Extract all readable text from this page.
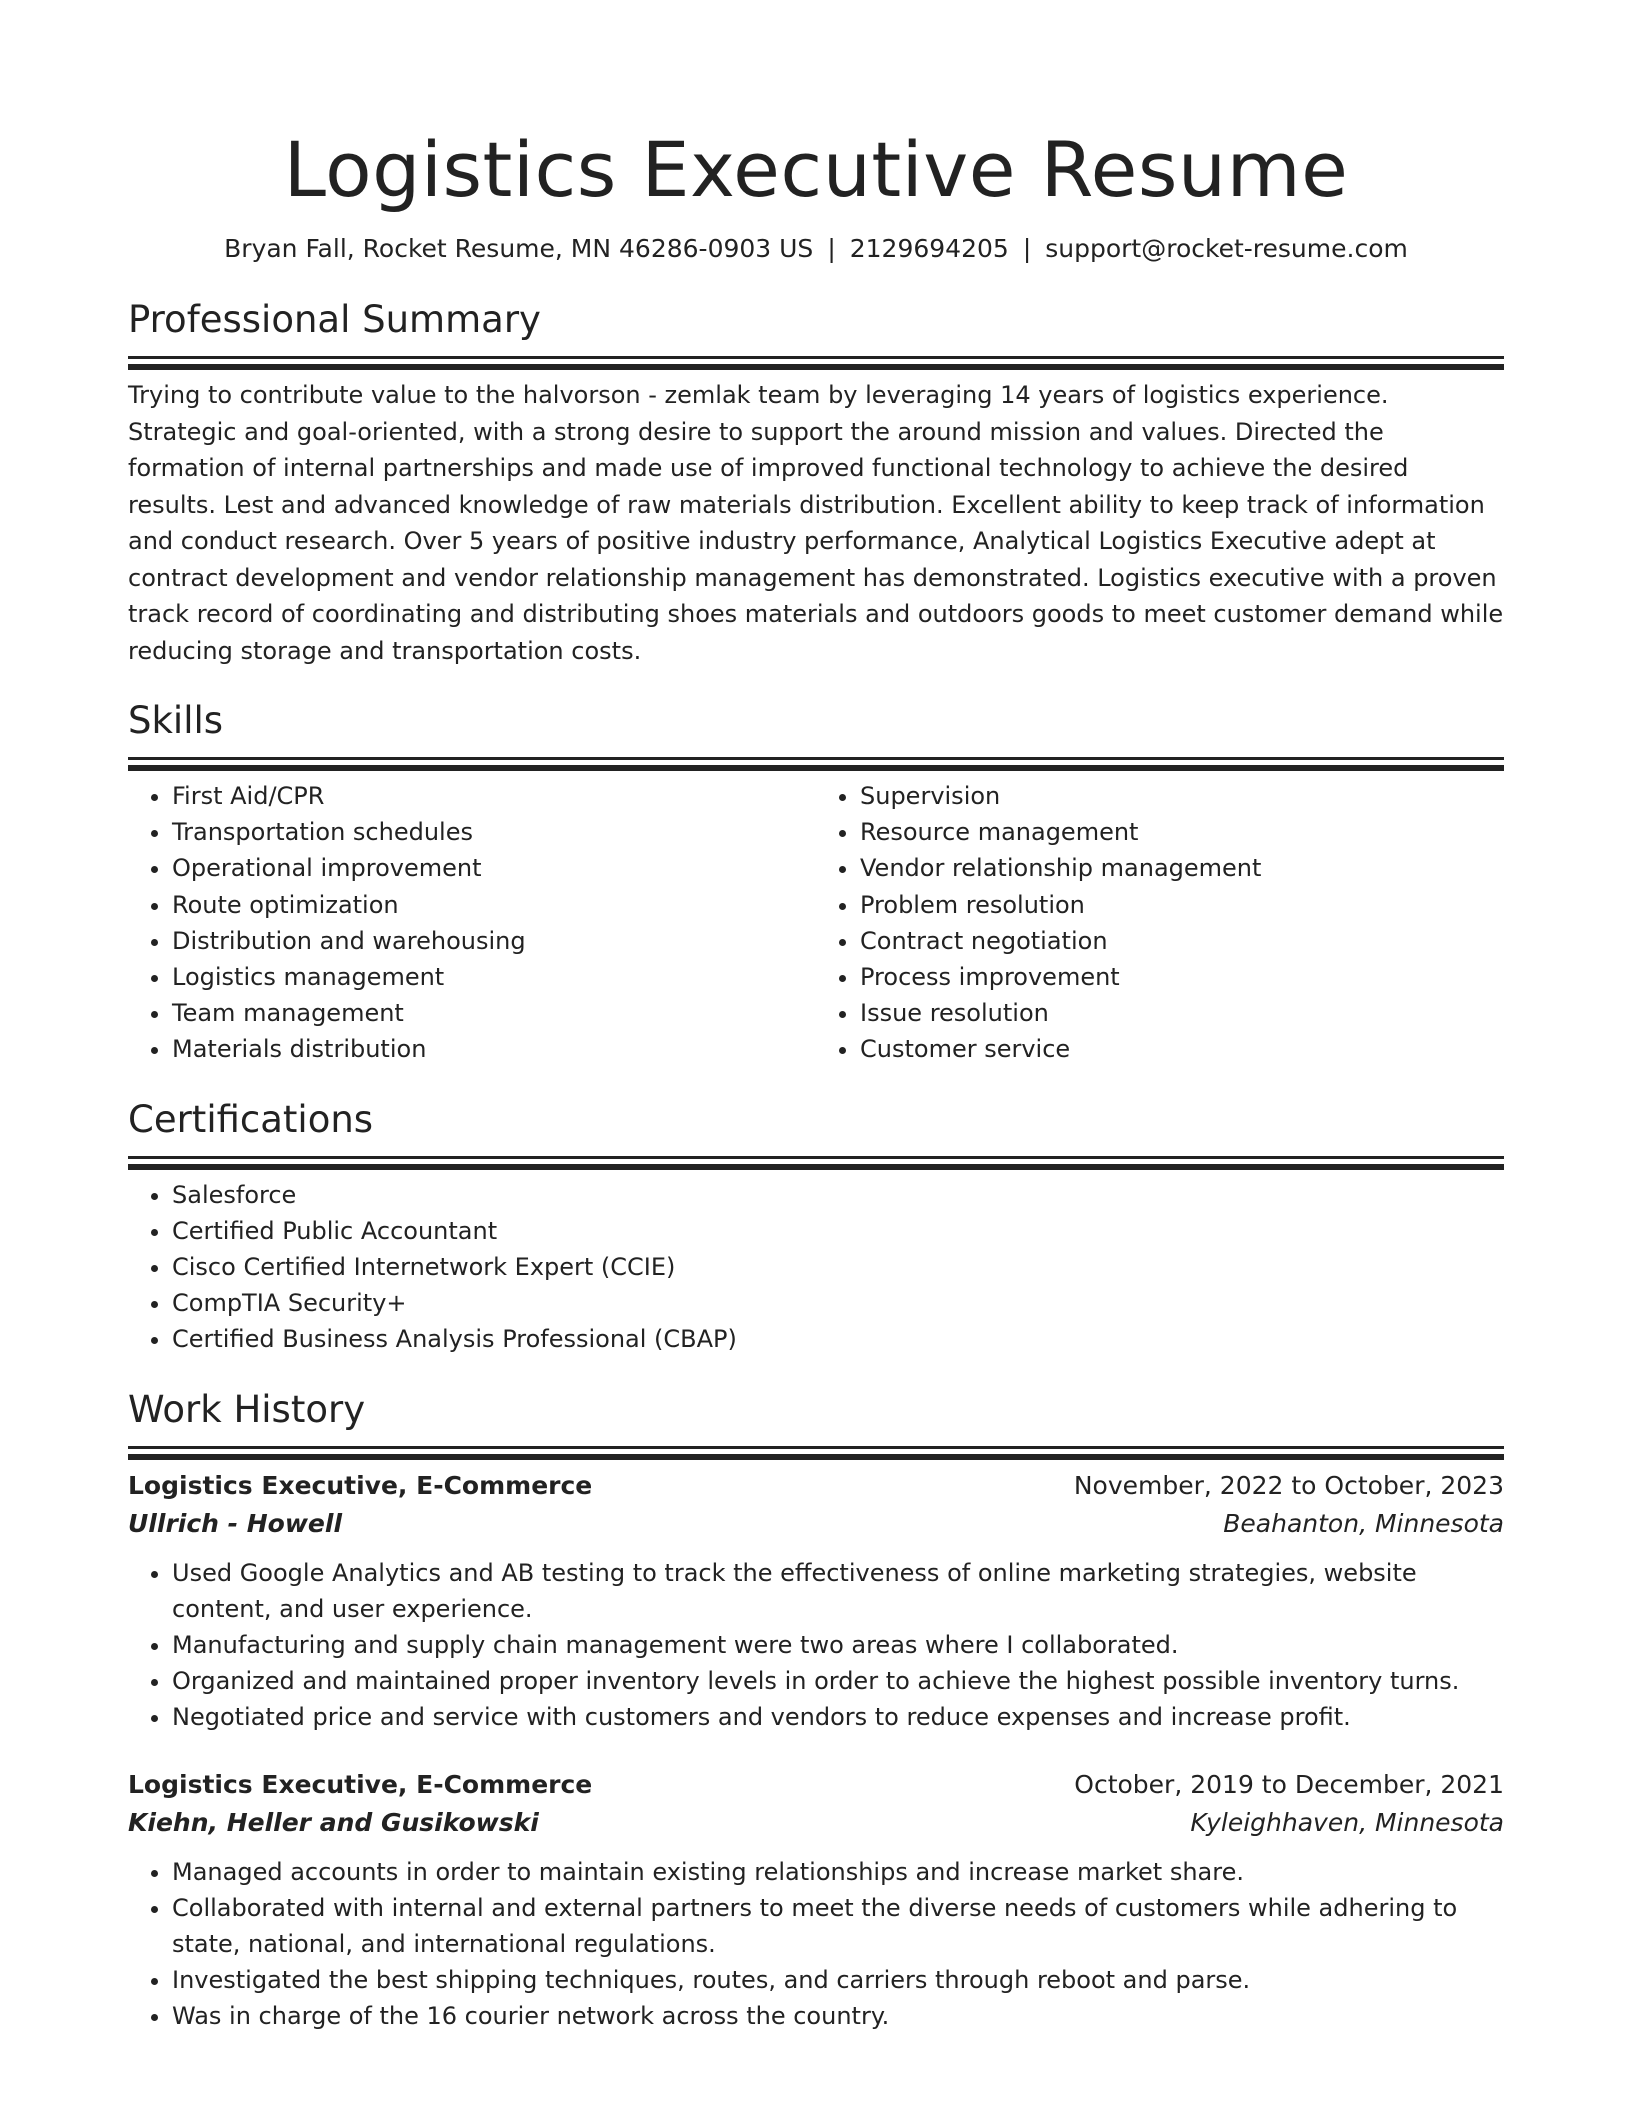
Logistics Executive Resume
Bryan Fall, Rocket Resume, MN 46286-0903 US | 2129694205 | support@rocket-resume.com
Professional Summary

Trying to contribute value to the halvorson - zemlak team by leveraging 14 years of logistics experience. Strategic and goal-oriented, with a strong desire to support the around mission and values. Directed the formation of internal partnerships and made use of improved functional technology to achieve the desired results. Lest and advanced knowledge of raw materials distribution. Excellent ability to keep track of information and conduct research. Over 5 years of positive industry performance, Analytical Logistics Executive adept at contract development and vendor relationship management has demonstrated. Logistics executive with a proven track record of coordinating and distributing shoes materials and outdoors goods to meet customer demand while reducing storage and transportation costs.

Skills
• First Aid/CPR
• Transportation schedules
• Operational improvement
• Route optimization
• Distribution and warehousing
• Logistics management
• Team management
• Materials distribution
• Supervision
• Resource management
• Vendor relationship management
• Problem resolution
• Contract negotiation
• Process improvement
• Issue resolution
• Customer service
Certifications
• Salesforce
• Certified Public Accountant
• Cisco Certified Internetwork Expert (CCIE)
• CompTIA Security+
• Certified Business Analysis Professional (CBAP)
Work History
Logistics Executive, E-Commerce	November, 2022 to October, 2023
Ullrich - Howell	Beahanton, Minnesota
• Used Google Analytics and AB testing to track the effectiveness of online marketing strategies, website content, and user experience.
• Manufacturing and supply chain management were two areas where I collaborated.
• Organized and maintained proper inventory levels in order to achieve the highest possible inventory turns.
• Negotiated price and service with customers and vendors to reduce expenses and increase profit.
Logistics Executive, E-Commerce	October, 2019 to December, 2021
Kiehn, Heller and Gusikowski	Kyleighhaven, Minnesota
• Managed accounts in order to maintain existing relationships and increase market share.
• Collaborated with internal and external partners to meet the diverse needs of customers while adhering to state, national, and international regulations.
• Investigated the best shipping techniques, routes, and carriers through reboot and parse.
• Was in charge of the 16 courier network across the country.
